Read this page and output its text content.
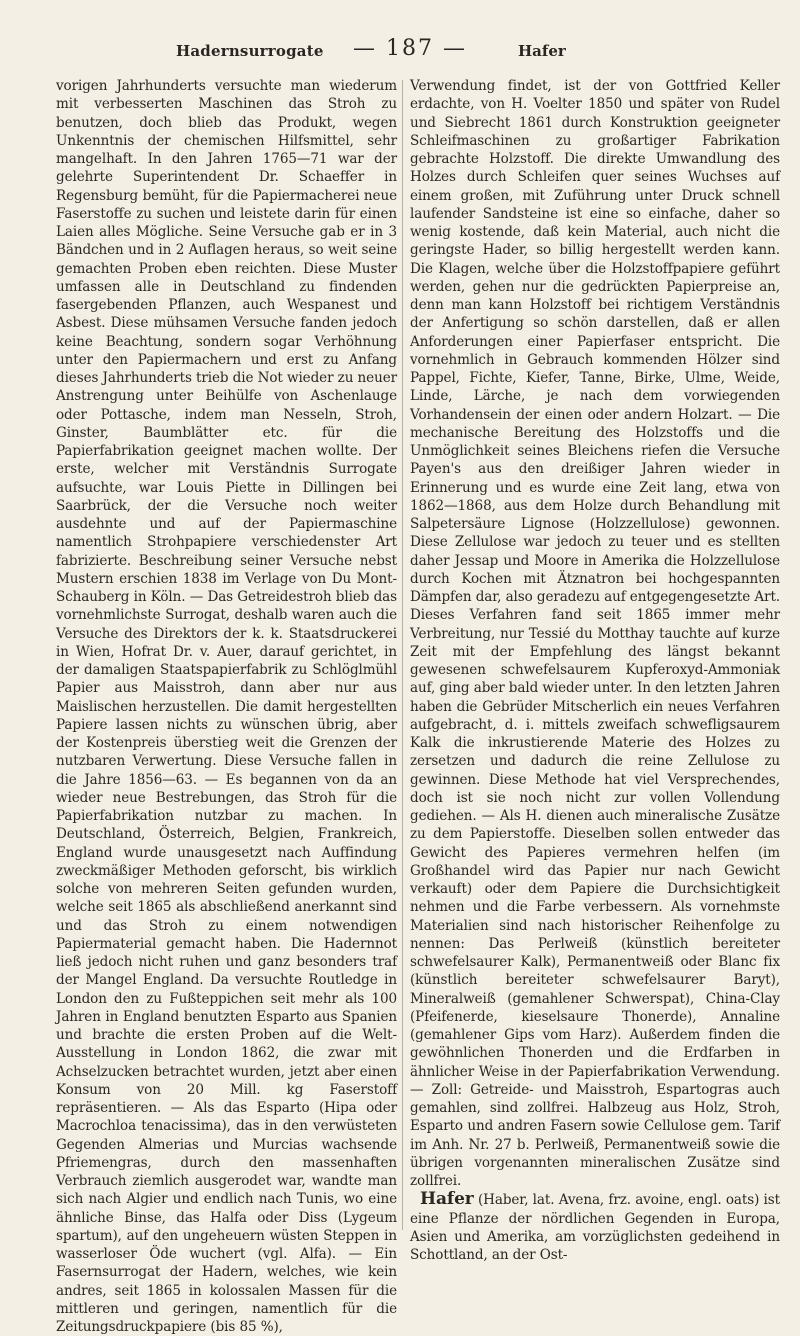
Hadernsurrogate — 187 —	Hafer

vorigen Jahrhunderts versuchte man wiederum mit verbesserten Maschinen das Stroh zu benutzen, doch blieb das Produkt, wegen Unkenntnis der chemischen Hilfsmittel, sehr mangelhaft. In den Jahren 1765—71 war der gelehrte Superintendent Dr. Schaeffer in Regensburg bemüht, für die Papiermacherei neue Faserstoffe zu suchen und leistete darin für einen Laien alles Mögliche. Seine Versuche gab er in 3 Bändchen und in 2 Auflagen heraus, so weit seine gemachten Proben eben reichten. Diese Muster umfassen alle in Deutschland zu findenden fasergebenden Pflanzen, auch Wespanest und Asbest. Diese mühsamen Versuche fanden jedoch keine Beachtung, sondern sogar Verhöhnung unter den Papiermachern und erst zu Anfang dieses Jahrhunderts trieb die Not wieder zu neuer Anstrengung unter Beihülfe von Aschenlauge oder Pottasche, indem man Nesseln, Stroh, Ginster, Baumblätter etc. für die Papierfabrikation geeignet machen wollte. Der erste, welcher mit Verständnis Surrogate aufsuchte, war Louis Piette in Dillingen bei Saarbrück, der die Versuche noch weiter ausdehnte und auf der Papiermaschine namentlich Strohpapiere verschiedenster Art fabrizierte. Beschreibung seiner Versuche nebst Mustern erschien 1838 im Verlage von Du Mont-Schauberg in Köln. — Das Getreidestroh blieb das vornehmlichste Surrogat, deshalb waren auch die Versuche des Direktors der k. k. Staatsdruckerei in Wien, Hofrat Dr. v. Auer, darauf gerichtet, in der damaligen Staatspapierfabrik zu Schlöglmühl Papier aus Maisstroh, dann aber nur aus Maislischen herzustellen. Die damit hergestellten Papiere lassen nichts zu wünschen übrig, aber der Kostenpreis überstieg weit die Grenzen der nutzbaren Verwertung. Diese Versuche fallen in die Jahre 1856—63. — Es begannen von da an wieder neue Bestrebungen, das Stroh für die Papierfabrikation nutzbar zu machen. In Deutschland, Österreich, Belgien, Frankreich, England wurde unausgesetzt nach Auffindung zweckmäßiger Methoden geforscht, bis wirklich solche von mehreren Seiten gefunden wurden, welche seit 1865 als abschließend anerkannt sind und das Stroh zu einem notwendigen Papiermaterial gemacht haben. Die Hadernnot ließ jedoch nicht ruhen und ganz besonders traf der Mangel England. Da versuchte Routledge in London den zu Fußteppichen seit mehr als 100 Jahren in England benutzten Esparto aus Spanien und brachte die ersten Proben auf die Welt-Ausstellung in London 1862, die zwar mit Achselzucken betrachtet wurden, jetzt aber einen Konsum von 20 Mill. kg Faserstoff repräsentieren. — Als das Esparto (Hipa oder Macrochloa tenacissima), das in den verwüsteten Gegenden Almerias und Murcias wachsende Pfriemengras, durch den massenhaften Verbrauch ziemlich ausgerodet war, wandte man sich nach Algier und endlich nach Tunis, wo eine ähnliche Binse, das Halfa oder Diss (Lygeum spartum), auf den ungeheuern wüsten Steppen in wasserloser Öde wuchert (vgl. Alfa). — Ein Fasernsurrogat der Hadern, welches, wie kein andres, seit 1865 in kolossalen Massen für die mittleren und geringen, namentlich für die Zeitungsdruckpapiere (bis 85 %),

Verwendung findet, ist der von Gottfried Keller erdachte, von H. Voelter 1850 und später von Rudel und Siebrecht 1861 durch Konstruktion geeigneter Schleifmaschinen zu großartiger Fabrikation gebrachte Holzstoff. Die direkte Umwandlung des Holzes durch Schleifen quer seines Wuchses auf einem großen, mit Zuführung unter Druck schnell laufender Sandsteine ist eine so einfache, daher so wenig kostende, daß kein Material, auch nicht die geringste Hader, so billig hergestellt werden kann. Die Klagen, welche über die Holzstoffpapiere geführt werden, gehen nur die gedrückten Papierpreise an, denn man kann Holzstoff bei richtigem Verständnis der Anfertigung so schön darstellen, daß er allen Anforderungen einer Papierfaser entspricht. Die vornehmlich in Gebrauch kommenden Hölzer sind Pappel, Fichte, Kiefer, Tanne, Birke, Ulme, Weide, Linde, Lärche, je nach dem vorwiegenden Vorhandensein der einen oder andern Holzart. — Die mechanische Bereitung des Holzstoffs und die Unmöglichkeit seines Bleichens riefen die Versuche Payen's aus den dreißiger Jahren wieder in Erinnerung und es wurde eine Zeit lang, etwa von 1862—1868, aus dem Holze durch Behandlung mit Salpetersäure Lignose (Holzzellulose) gewonnen. Diese Zellulose war jedoch zu teuer und es stellten daher Jessap und Moore in Amerika die Holzzellulose durch Kochen mit Ätznatron bei hochgespannten Dämpfen dar, also geradezu auf entgegengesetzte Art. Dieses Verfahren fand seit 1865 immer mehr Verbreitung, nur Tessié du Motthay tauchte auf kurze Zeit mit der Empfehlung des längst bekannt gewesenen schwefelsaurem Kupferoxyd-Ammoniak auf, ging aber bald wieder unter. In den letzten Jahren haben die Gebrüder Mitscherlich ein neues Verfahren aufgebracht, d. i. mittels zweifach schwefligsaurem Kalk die inkrustierende Materie des Holzes zu zersetzen und dadurch die reine Zellulose zu gewinnen. Diese Methode hat viel Versprechendes, doch ist sie noch nicht zur vollen Vollendung gediehen. — Als H. dienen auch mineralische Zusätze zu dem Papierstoffe. Dieselben sollen entweder das Gewicht des Papieres vermehren helfen (im Großhandel wird das Papier nur nach Gewicht verkauft) oder dem Papiere die Durchsichtigkeit nehmen und die Farbe verbessern. Als vornehmste Materialien sind nach historischer Reihenfolge zu nennen: Das Perlweiß (künstlich bereiteter schwefelsaurer Kalk), Permanentweiß oder Blanc fix (künstlich bereiteter schwefelsaurer Baryt), Mineralweiß (gemahlener Schwerspat), China-Clay (Pfeifenerde, kieselsaure Thonerde), Annaline (gemahlener Gips vom Harz). Außerdem finden die gewöhnlichen Thonerden und die Erdfarben in ähnlicher Weise in der Papierfabrikation Verwendung. — Zoll: Getreide- und Maisstroh, Espartogras auch gemahlen, sind zollfrei. Halbzeug aus Holz, Stroh, Esparto und andren Fasern sowie Cellulose gem. Tarif im Anh. Nr. 27 b. Perlweiß, Permanentweiß sowie die übrigen vorgenannten mineralischen Zusätze sind zollfrei.

Hafer (Haber, lat. Avena, frz. avoine, engl. oats) ist eine Pflanze der nördlichen Gegenden in Europa, Asien und Amerika, am vorzüglichsten gedeihend in Schottland, an der Ost-
